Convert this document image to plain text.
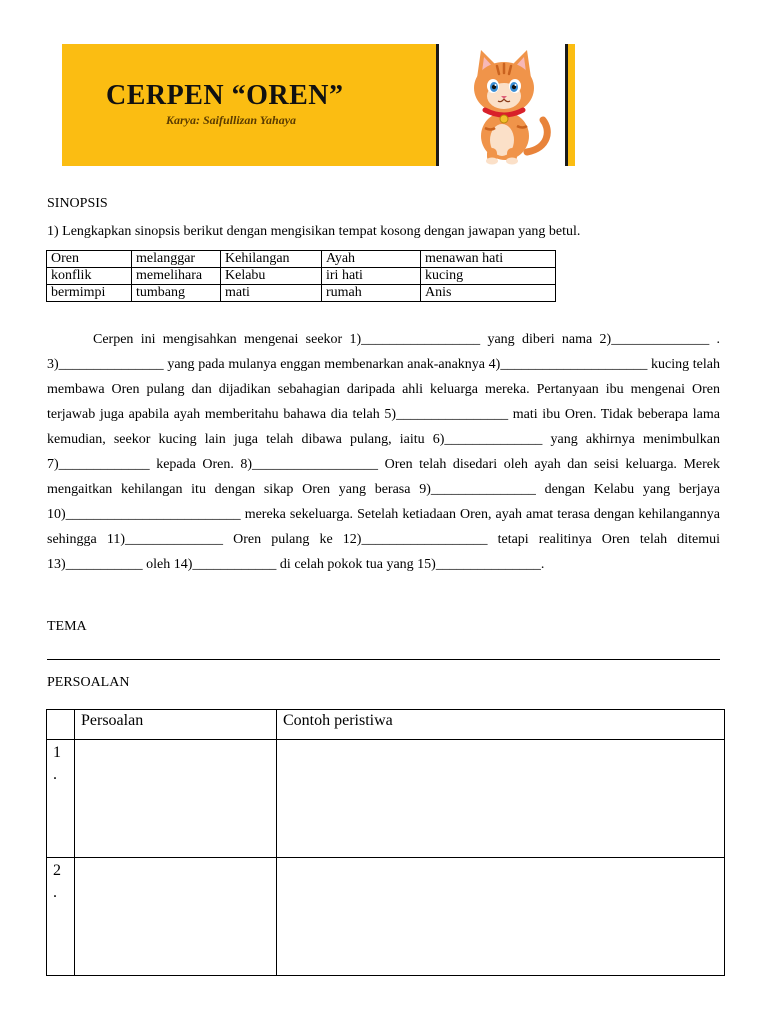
CERPEN “OREN”
Karya: Saifullizan Yahaya
SINOPSIS
1) Lengkapkan sinopsis berikut dengan mengisikan tempat kosong dengan jawapan yang betul.
Oren	melanggar	Kehilangan	Ayah	menawan hati
konflik	memelihara	Kelabu	iri hati	kucing
bermimpi	tumbang	mati	rumah	Anis

Cerpen ini mengisahkan mengenai seekor 1)_________________ yang diberi nama 2)______________ . 3)_______________ yang pada mulanya enggan membenarkan anak-anaknya 4)_____________________ kucing telah membawa Oren pulang dan dijadikan sebahagian daripada ahli keluarga mereka. Pertanyaan ibu mengenai Oren terjawab juga apabila ayah memberitahu bahawa dia telah 5)________________ mati ibu Oren. Tidak beberapa lama kemudian, seekor kucing lain juga telah dibawa pulang, iaitu 6)______________ yang akhirnya menimbulkan 7)_____________ kepada Oren. 8)__________________ Oren telah disedari oleh ayah dan seisi keluarga. Merek mengaitkan kehilangan itu dengan sikap Oren yang berasa 9)_______________ dengan Kelabu yang berjaya 10)_________________________ mereka sekeluarga. Setelah ketiadaan Oren, ayah amat terasa dengan kehilangannya sehingga 11)______________ Oren pulang ke 12)__________________ tetapi realitinya Oren telah ditemui 13)___________ oleh 14)____________ di celah pokok tua yang 15)_______________.

TEMA
PERSOALAN
	Persoalan	Contoh peristiwa

1
.		

2
.		
